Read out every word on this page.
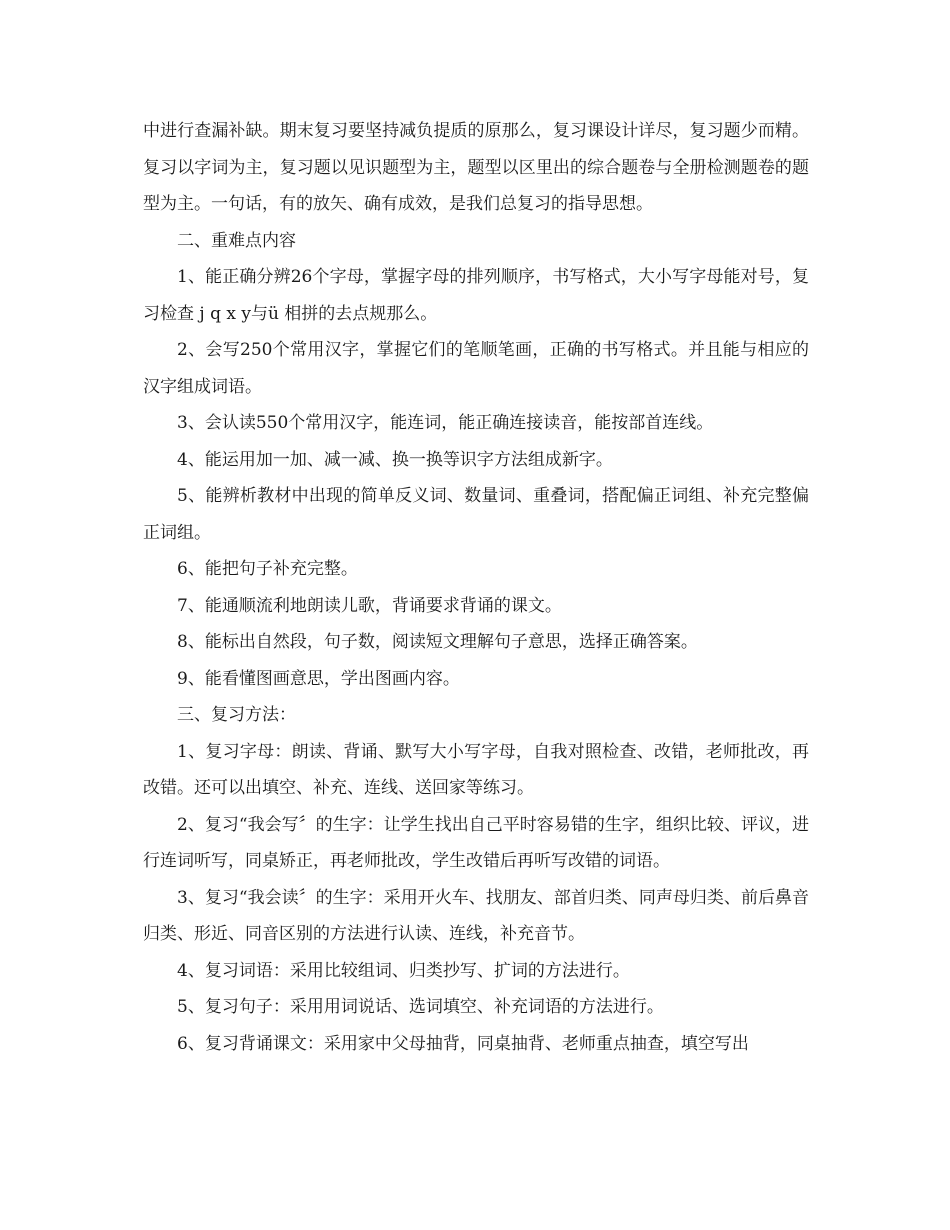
中进行查漏补缺。期末复习要坚持减负提质的原那么，复习课设计详尽，复习题少而精。复习以字词为主，复习题以见识题型为主，题型以区里出的综合题卷与全册检测题卷的题型为主。一句话，有的放矢、确有成效，是我们总复习的指导思想。

二、重难点内容

1、能正确分辨26个字母，掌握字母的排列顺序，书写格式，大小写字母能对号，复习检查 j q x y与ü 相拼的去点规那么。

2、会写250个常用汉字，掌握它们的笔顺笔画，正确的书写格式。并且能与相应的汉字组成词语。

3、会认读550个常用汉字，能连词，能正确连接读音，能按部首连线。

4、能运用加一加、减一减、换一换等识字方法组成新字。

5、能辨析教材中出现的简单反义词、数量词、重叠词，搭配偏正词组、补充完整偏正词组。

6、能把句子补充完整。

7、能通顺流利地朗读儿歌，背诵要求背诵的课文。

8、能标出自然段，句子数，阅读短文理解句子意思，选择正确答案。

9、能看懂图画意思，学出图画内容。

三、复习方法：

1、复习字母：朗读、背诵、默写大小写字母，自我对照检查、改错，老师批改，再改错。还可以出填空、补充、连线、送回家等练习。

2、复习“我会写〞的生字：让学生找出自己平时容易错的生字，组织比较、评议，进行连词听写，同桌矫正，再老师批改，学生改错后再听写改错的词语。

3、复习“我会读〞的生字：采用开火车、找朋友、部首归类、同声母归类、前后鼻音归类、形近、同音区别的方法进行认读、连线，补充音节。

4、复习词语：采用比较组词、归类抄写、扩词的方法进行。

5、复习句子：采用用词说话、选词填空、补充词语的方法进行。

6、复习背诵课文：采用家中父母抽背，同桌抽背、老师重点抽查，填空写出
